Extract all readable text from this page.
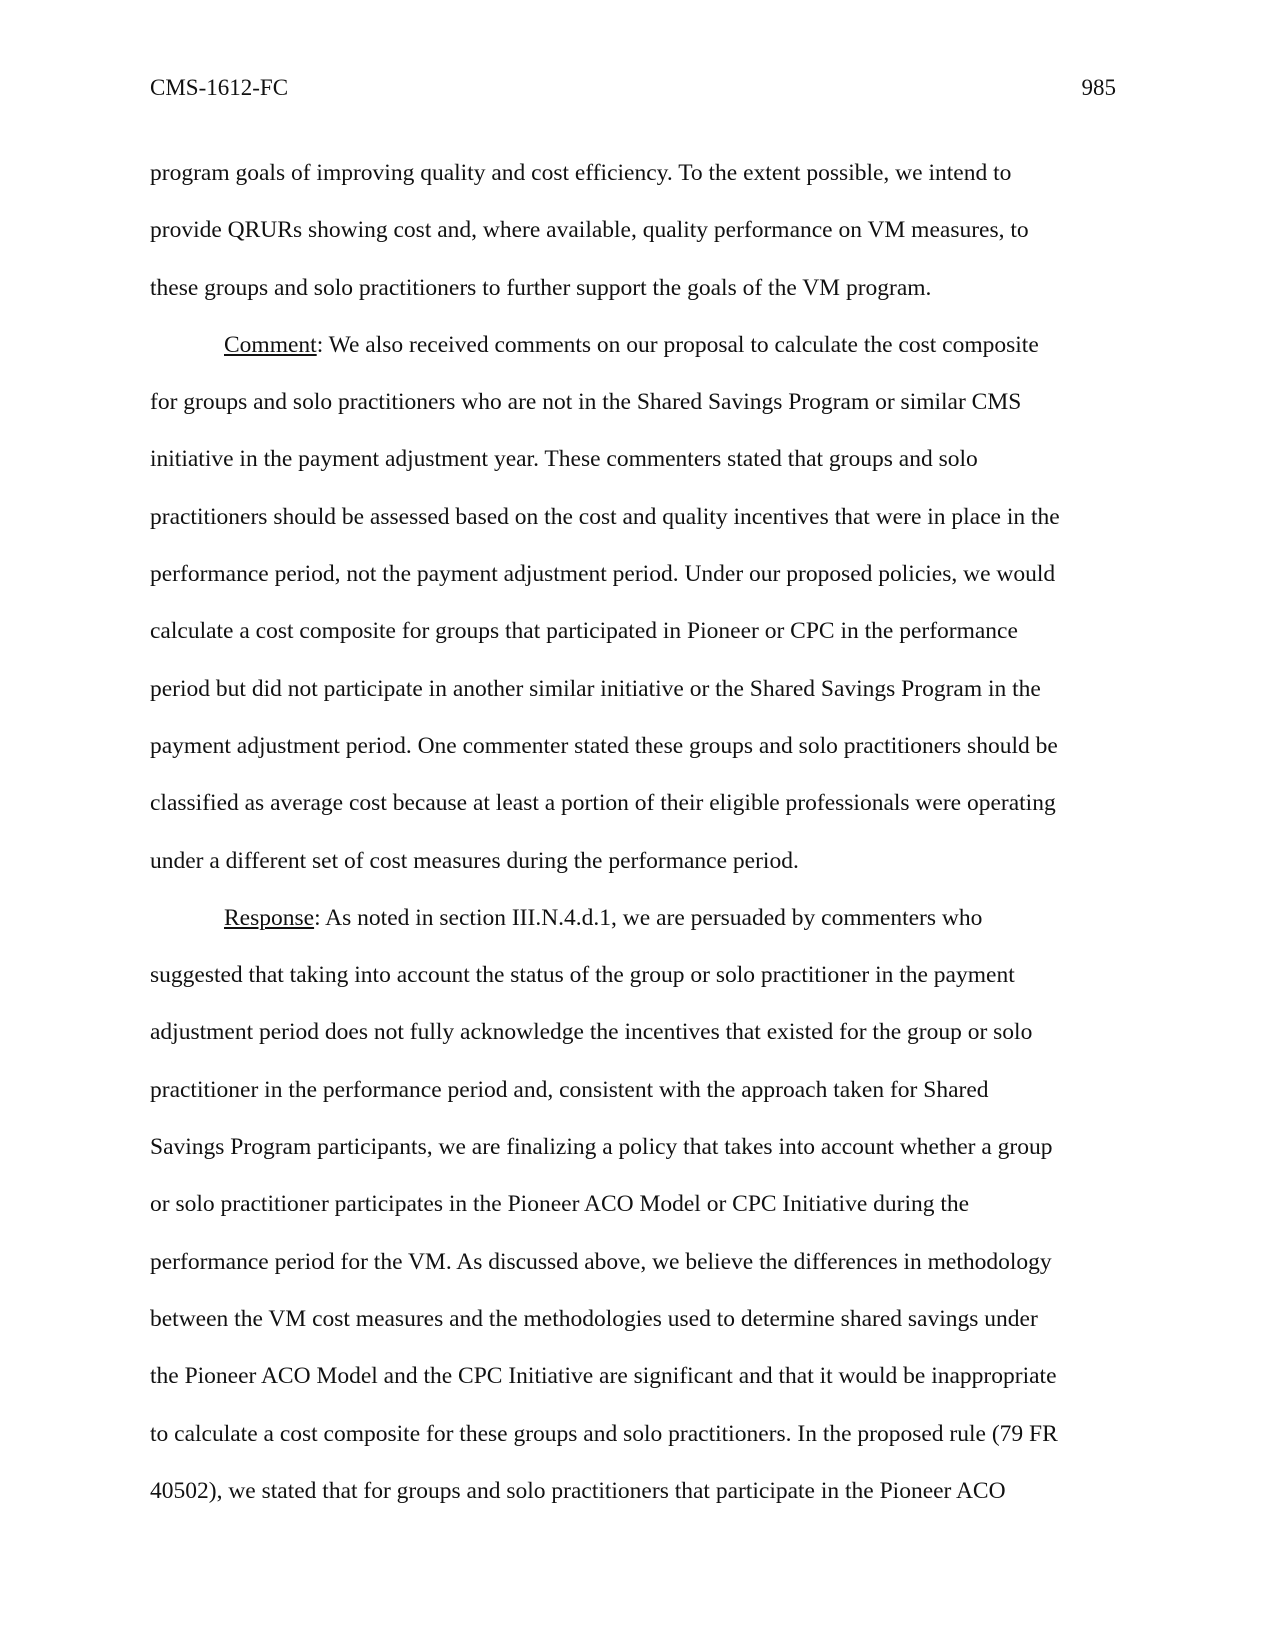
CMS-1612-FC	985

program goals of improving quality and cost efficiency. To the extent possible, we intend to
provide QRURs showing cost and, where available, quality performance on VM measures, to
these groups and solo practitioners to further support the goals of the VM program.

Comment: We also received comments on our proposal to calculate the cost composite
for groups and solo practitioners who are not in the Shared Savings Program or similar CMS
initiative in the payment adjustment year. These commenters stated that groups and solo
practitioners should be assessed based on the cost and quality incentives that were in place in the
performance period, not the payment adjustment period. Under our proposed policies, we would
calculate a cost composite for groups that participated in Pioneer or CPC in the performance
period but did not participate in another similar initiative or the Shared Savings Program in the
payment adjustment period. One commenter stated these groups and solo practitioners should be
classified as average cost because at least a portion of their eligible professionals were operating
under a different set of cost measures during the performance period.

Response: As noted in section III.N.4.d.1, we are persuaded by commenters who
suggested that taking into account the status of the group or solo practitioner in the payment
adjustment period does not fully acknowledge the incentives that existed for the group or solo
practitioner in the performance period and, consistent with the approach taken for Shared
Savings Program participants, we are finalizing a policy that takes into account whether a group
or solo practitioner participates in the Pioneer ACO Model or CPC Initiative during the
performance period for the VM. As discussed above, we believe the differences in methodology
between the VM cost measures and the methodologies used to determine shared savings under
the Pioneer ACO Model and the CPC Initiative are significant and that it would be inappropriate
to calculate a cost composite for these groups and solo practitioners. In the proposed rule (79 FR
40502), we stated that for groups and solo practitioners that participate in the Pioneer ACO
